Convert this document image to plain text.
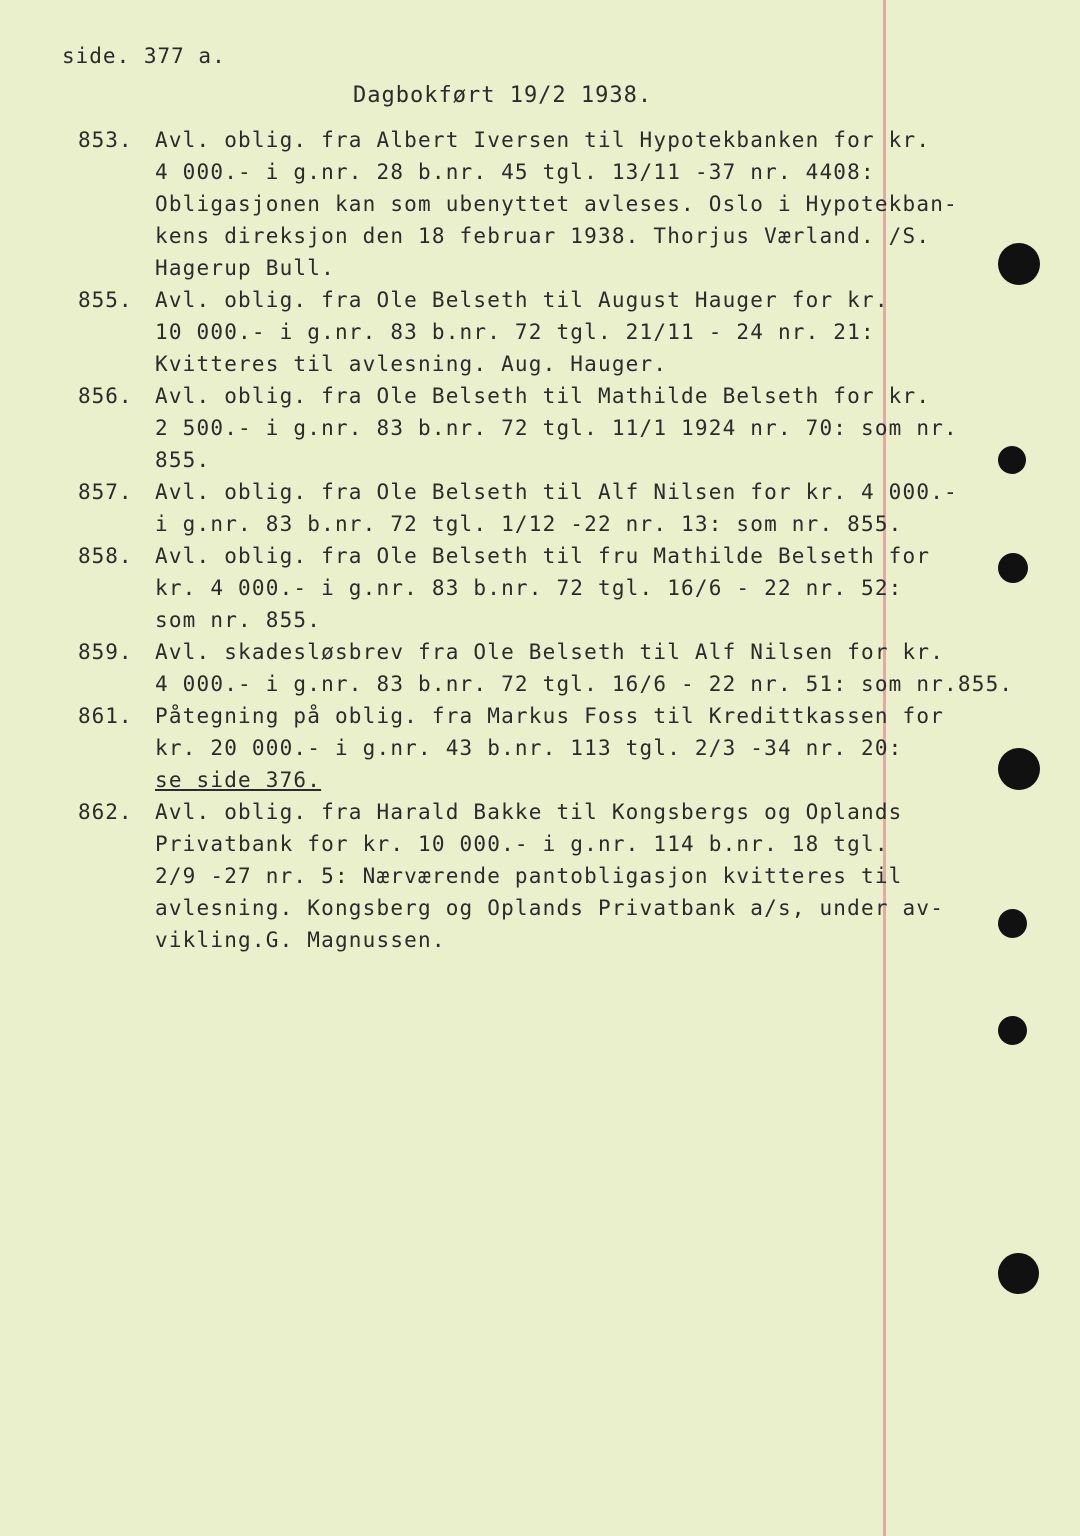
side. 377 a.
Dagbokført 19/2 1938.
853.	Avl. oblig. fra Albert Iversen til Hypotekbanken for kr.
4 000.- i g.nr. 28 b.nr. 45 tgl. 13/11 -37 nr. 4408:
Obligasjonen kan som ubenyttet avleses. Oslo i Hypotekban-
kens direksjon den 18 februar 1938. Thorjus Værland. /S.
Hagerup Bull.
855.	Avl. oblig. fra Ole Belseth til August Hauger for kr.
10 000.- i g.nr. 83 b.nr. 72 tgl. 21/11 - 24 nr. 21:
Kvitteres til avlesning. Aug. Hauger.
856.	Avl. oblig. fra Ole Belseth til Mathilde Belseth for kr.
2 500.- i g.nr. 83 b.nr. 72 tgl. 11/1 1924 nr. 70: som nr.
855.
857.	Avl. oblig. fra Ole Belseth til Alf Nilsen for kr. 4 000.-
i g.nr. 83 b.nr. 72 tgl. 1/12 -22 nr. 13: som nr. 855.
858.	Avl. oblig. fra Ole Belseth til fru Mathilde Belseth for
kr. 4 000.- i g.nr. 83 b.nr. 72 tgl. 16/6 - 22 nr. 52:
som nr. 855.
859.	Avl. skadesløsbrev fra Ole Belseth til Alf Nilsen for kr.
4 000.- i g.nr. 83 b.nr. 72 tgl. 16/6 - 22 nr. 51: som nr.855.
861.	Påtegning på oblig. fra Markus Foss til Kredittkassen for
kr. 20 000.- i g.nr. 43 b.nr. 113 tgl. 2/3 -34 nr. 20:
se side 376.
862.	Avl. oblig. fra Harald Bakke til Kongsbergs og Oplands
Privatbank for kr. 10 000.- i g.nr. 114 b.nr. 18 tgl.
2/9 -27 nr. 5: Nærværende pantobligasjon kvitteres til
avlesning. Kongsberg og Oplands Privatbank a/s, under av-
vikling.G. Magnussen.
